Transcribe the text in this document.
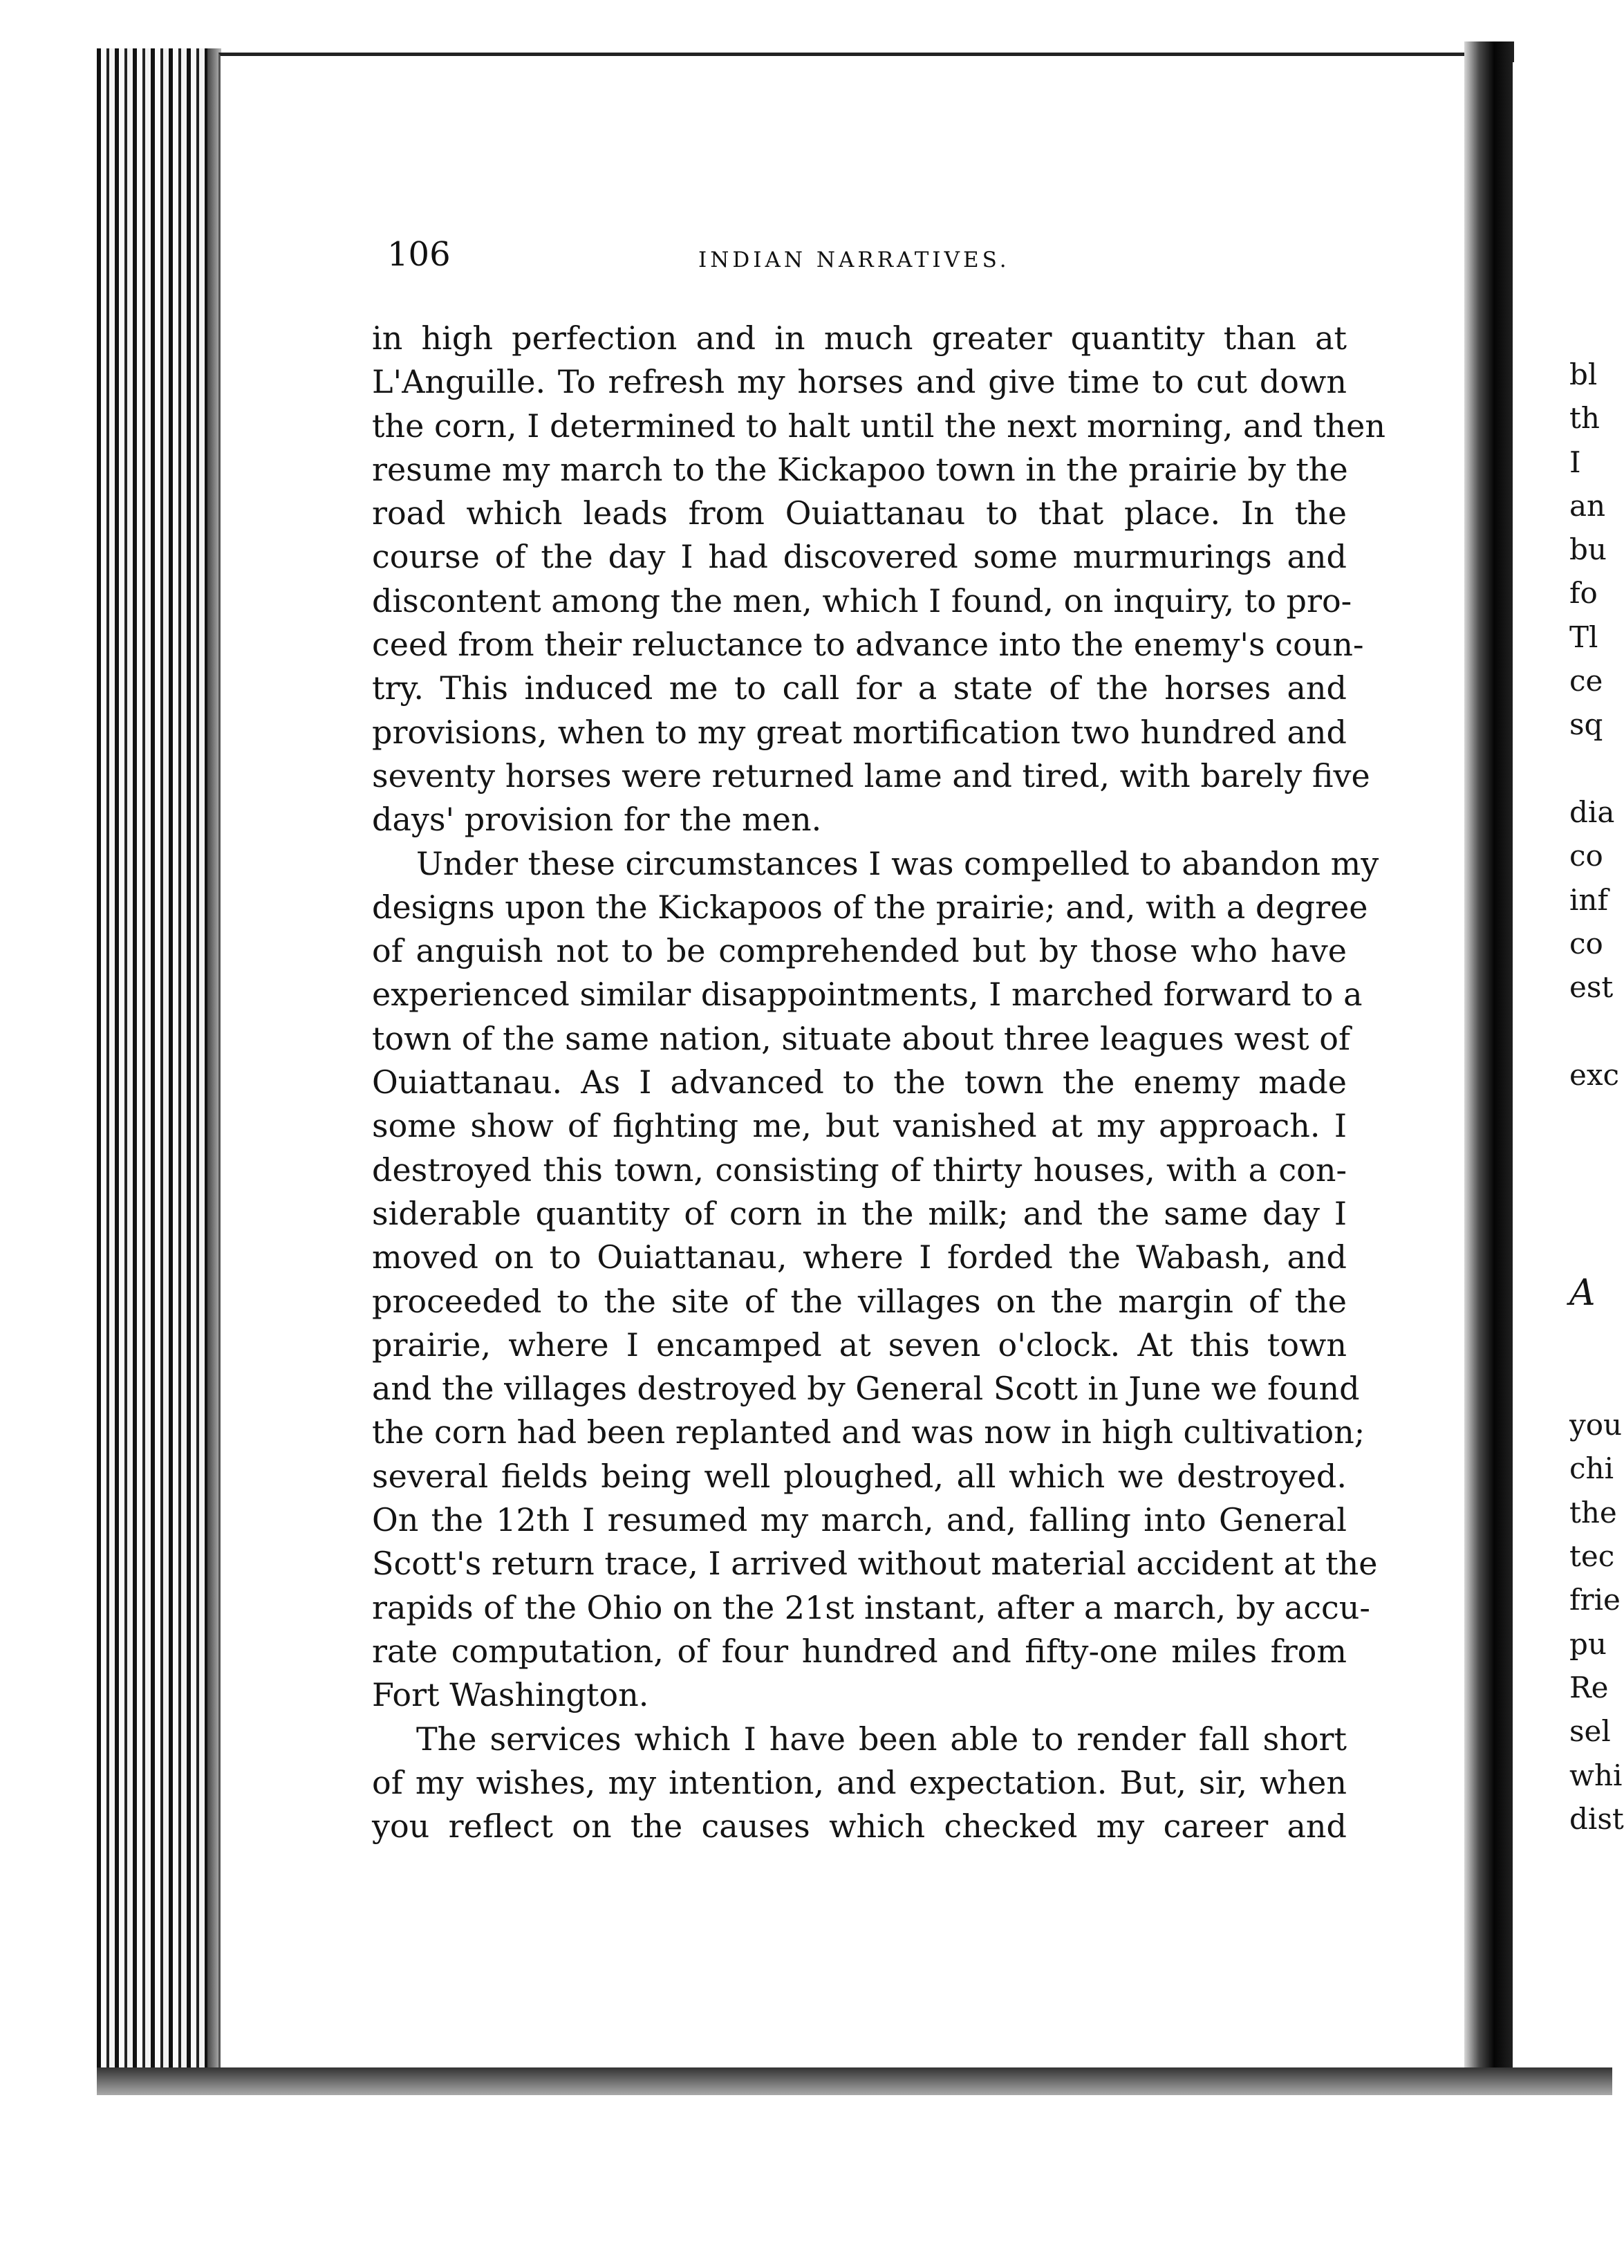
106	INDIAN NARRATIVES.
in high perfection and in much greater quantity than at
L'Anguille. To refresh my horses and give time to cut down
the corn, I determined to halt until the next morning, and then
resume my march to the Kickapoo town in the prairie by the
road which leads from Ouiattanau to that place. In the
course of the day I had discovered some murmurings and
discontent among the men, which I found, on inquiry, to pro-
ceed from their reluctance to advance into the enemy's coun-
try. This induced me to call for a state of the horses and
provisions, when to my great mortification two hundred and
seventy horses were returned lame and tired, with barely five
days' provision for the men.
Under these circumstances I was compelled to abandon my
designs upon the Kickapoos of the prairie; and, with a degree
of anguish not to be comprehended but by those who have
experienced similar disappointments, I marched forward to a
town of the same nation, situate about three leagues west of
Ouiattanau. As I advanced to the town the enemy made
some show of fighting me, but vanished at my approach. I
destroyed this town, consisting of thirty houses, with a con-
siderable quantity of corn in the milk; and the same day I
moved on to Ouiattanau, where I forded the Wabash, and
proceeded to the site of the villages on the margin of the
prairie, where I encamped at seven o'clock. At this town
and the villages destroyed by General Scott in June we found
the corn had been replanted and was now in high cultivation;
several fields being well ploughed, all which we destroyed.
On the 12th I resumed my march, and, falling into General
Scott's return trace, I arrived without material accident at the
rapids of the Ohio on the 21st instant, after a march, by accu-
rate computation, of four hundred and fifty-one miles from
Fort Washington.
The services which I have been able to render fall short
of my wishes, my intention, and expectation. But, sir, when
you reflect on the causes which checked my career and
bl
th
I
an
bu
fo
Tl
ce
sq
dia
co
inf
co
est
exc
A
you
chi
the
tec
frie
pu
Re
sel
whi
dist
